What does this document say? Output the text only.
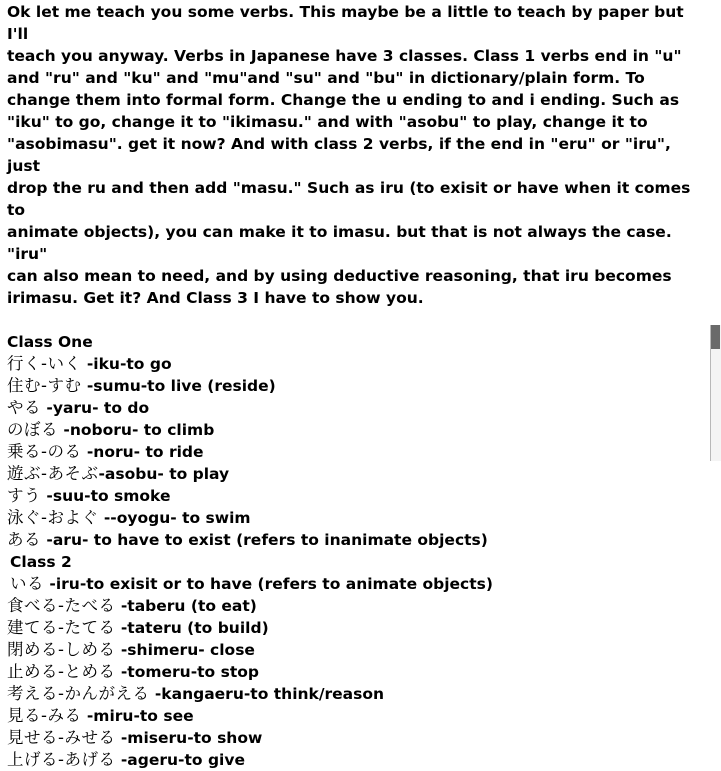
Ok let me teach you some verbs. This maybe be a little to teach by paper but I'll
teach you anyway. Verbs in Japanese have 3 classes. Class 1 verbs end in "u"
and "ru" and "ku" and "mu"and "su" and "bu" in dictionary/plain form. To
change them into formal form. Change the u ending to and i ending. Such as
"iku" to go, change it to "ikimasu." and with "asobu" to play, change it to
"asobimasu". get it now? And with class 2 verbs, if the end in "eru" or "iru", just
drop the ru and then add "masu." Such as iru (to exisit or have when it comes to
animate objects), you can make it to imasu. but that is not always the case. "iru"
can also mean to need, and by using deductive reasoning, that iru becomes
irimasu. Get it? And Class 3 I have to show you.

Class One

行く-いく -iku-to go

住む-すむ -sumu-to live (reside)

やる -yaru- to do

のぼる -noboru- to climb

乗る-のる -noru- to ride

遊ぶ-あそぶ-asobu- to play

すう -suu-to smoke

泳ぐ-およぐ --oyogu- to swim

ある -aru- to have to exist (refers to inanimate objects)

Class 2

いる -iru-to exisit or to have (refers to animate objects)

食べる-たべる -taberu (to eat)

建てる-たてる -tateru (to build)

閉める-しめる -shimeru- close

止める-とめる -tomeru-to stop

考える-かんがえる -kangaeru-to think/reason

見る-みる -miru-to see

見せる-みせる -miseru-to show

上げる-あげる -ageru-to give
